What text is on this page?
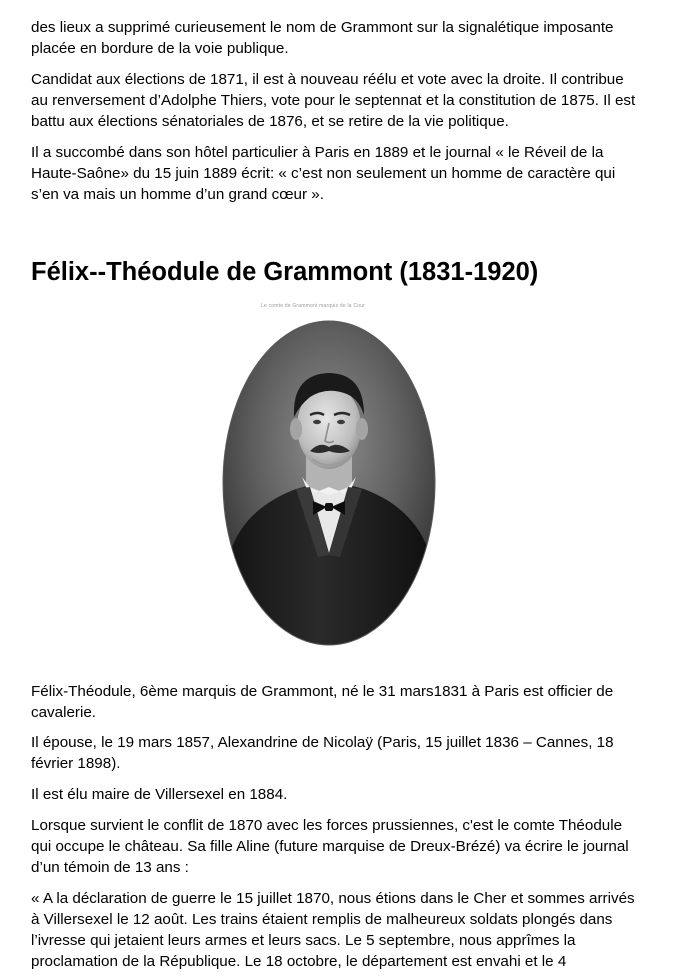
des lieux a supprimé curieusement le nom de Grammont sur la signalétique imposante
placée en bordure de la voie publique.

Candidat aux élections de 1871, il est à nouveau réélu et vote avec la droite. Il contribue
au renversement d’Adolphe Thiers, vote pour le septennat et la constitution de 1875. Il est
battu aux élections sénatoriales de 1876, et se retire de la vie politique.

Il a succombé dans son hôtel particulier à Paris en 1889 et le journal « le Réveil de la
Haute-Saône» du 15 juin 1889 écrit: « c’est non seulement un homme de caractère qui
s’en va mais un homme d’un grand cœur ».

Félix--Théodule de Grammont (1831-1920)
Le comte de Grammont marquis de la Cour

Félix-Théodule, 6ème marquis de Grammont, né le 31 mars1831 à Paris est officier de
cavalerie.

Il épouse, le 19 mars 1857, Alexandrine de Nicolaÿ (Paris, 15 juillet 1836 – Cannes, 18
février 1898).

Il est élu maire de Villersexel en 1884.

Lorsque survient le conflit de 1870 avec les forces prussiennes, c'est le comte Théodule
qui occupe le château. Sa fille Aline (future marquise de Dreux-Brézé) va écrire le journal
d’un témoin de 13 ans :

« A la déclaration de guerre le 15 juillet 1870, nous étions dans le Cher et sommes arrivés
à Villersexel le 12 août. Les trains étaient remplis de malheureux soldats plongés dans
l’ivresse qui jetaient leurs armes et leurs sacs. Le 5 septembre, nous apprîmes la
proclamation de la République. Le 18 octobre, le département est envahi et le 4
